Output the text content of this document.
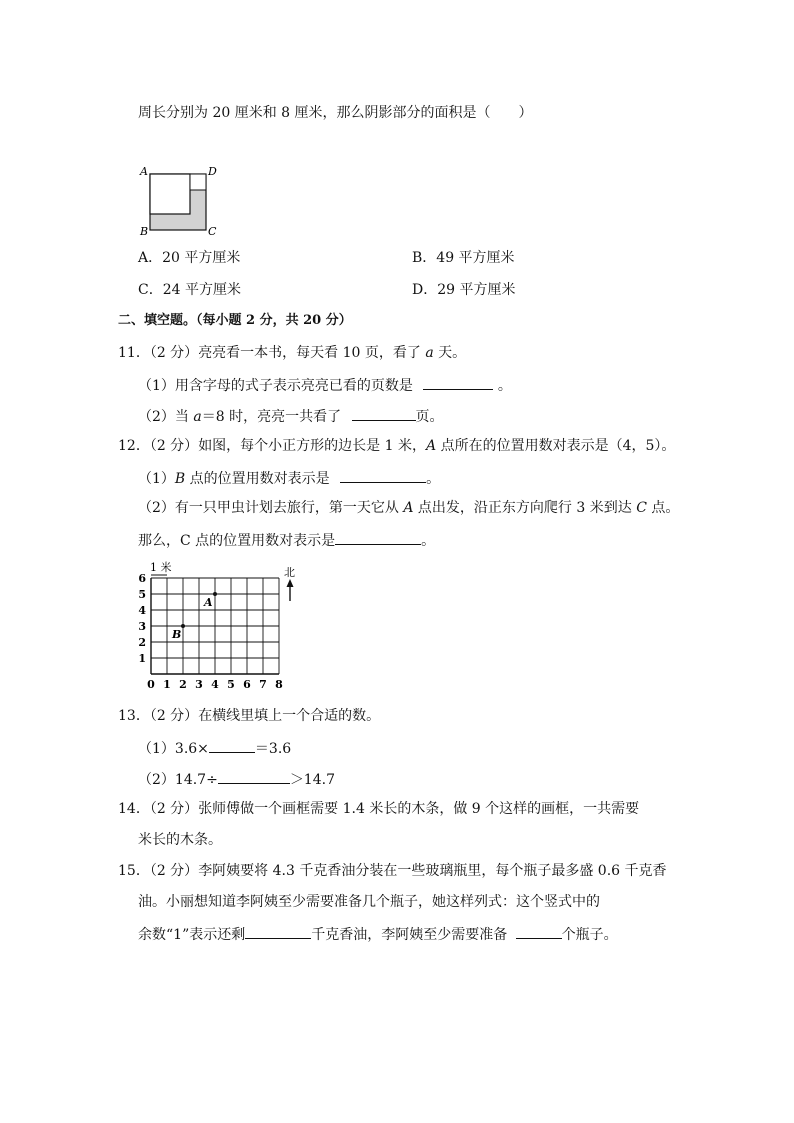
周长分别为 20 厘米和 8 厘米，那么阴影部分的面积是（　　）
A
B	C
D
A．20 平方厘米	B．49 平方厘米
C．24 平方厘米	D．29 平方厘米
二、填空题。（每小题 2 分，共 20 分）
11．（2 分）亮亮看一本书，每天看 10 页，看了 a 天。
（1）用含字母的式子表示亮亮已看的页数是	。
（2）当 a＝8 时，亮亮一共看了	页。
12．（2 分）如图，每个小正方形的边长是 1 米，A 点所在的位置用数对表示是（4，5）。
（1）B 点的位置用数对表示是	。
（2）有一只甲虫计划去旅行，第一天它从 A 点出发，沿正东方向爬行 3 米到达 C 点。
那么，C 点的位置用数对表示是	。
0 1 2 3 4 5 6 7 8
1
2
3
4
5
6
1 米	北
A
B
13．（2 分）在横线里填上一个合适的数。
（1）3.6×	＝3.6
（2）14.7÷	＞14.7
14．（2 分）张师傅做一个画框需要 1.4 米长的木条，做 9 个这样的画框，一共需要
米长的木条。
15．（2 分）李阿姨要将 4.3 千克香油分装在一些玻璃瓶里，每个瓶子最多盛 0.6 千克香
油。小丽想知道李阿姨至少需要准备几个瓶子，她这样列式：这个竖式中的
余数“1”表示还剩	千克香油，李阿姨至少需要准备	个瓶子。
